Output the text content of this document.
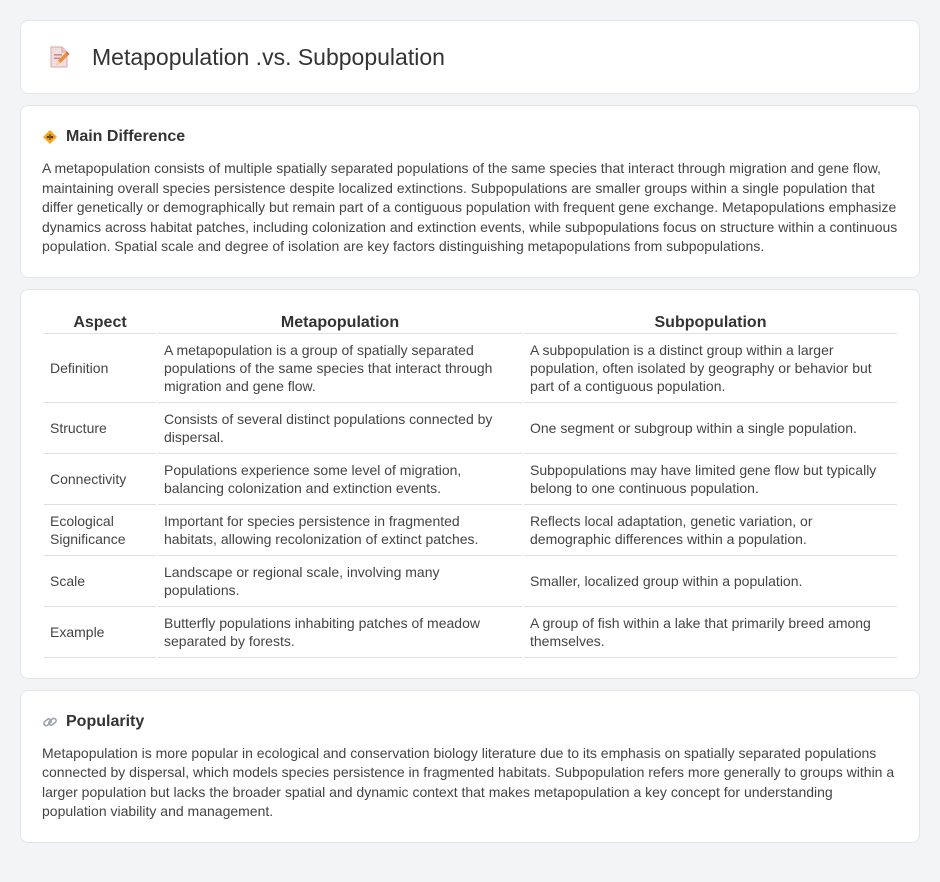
Metapopulation .vs. Subpopulation
Main Difference

A metapopulation consists of multiple spatially separated populations of the same species that interact through migration and gene flow, maintaining overall species persistence despite localized extinctions. Subpopulations are smaller groups within a single population that differ genetically or demographically but remain part of a contiguous population with frequent gene exchange. Metapopulations emphasize dynamics across habitat patches, including colonization and extinction events, while subpopulations focus on structure within a continuous population. Spatial scale and degree of isolation are key factors distinguishing metapopulations from subpopulations.

Aspect	Metapopulation	Subpopulation
Definition	A metapopulation is a group of spatially separated populations of the same species that interact through migration and gene flow.	A subpopulation is a distinct group within a larger population, often isolated by geography or behavior but part of a contiguous population.
Structure	Consists of several distinct populations connected by dispersal.	One segment or subgroup within a single population.
Connectivity	Populations experience some level of migration, balancing colonization and extinction events.	Subpopulations may have limited gene flow but typically belong to one continuous population.
Ecological Significance	Important for species persistence in fragmented habitats, allowing recolonization of extinct patches.	Reflects local adaptation, genetic variation, or demographic differences within a population.
Scale	Landscape or regional scale, involving many populations.	Smaller, localized group within a population.
Example	Butterfly populations inhabiting patches of meadow separated by forests.	A group of fish within a lake that primarily breed among themselves.
Popularity

Metapopulation is more popular in ecological and conservation biology literature due to its emphasis on spatially separated populations connected by dispersal, which models species persistence in fragmented habitats. Subpopulation refers more generally to groups within a larger population but lacks the broader spatial and dynamic context that makes metapopulation a key concept for understanding population viability and management.
